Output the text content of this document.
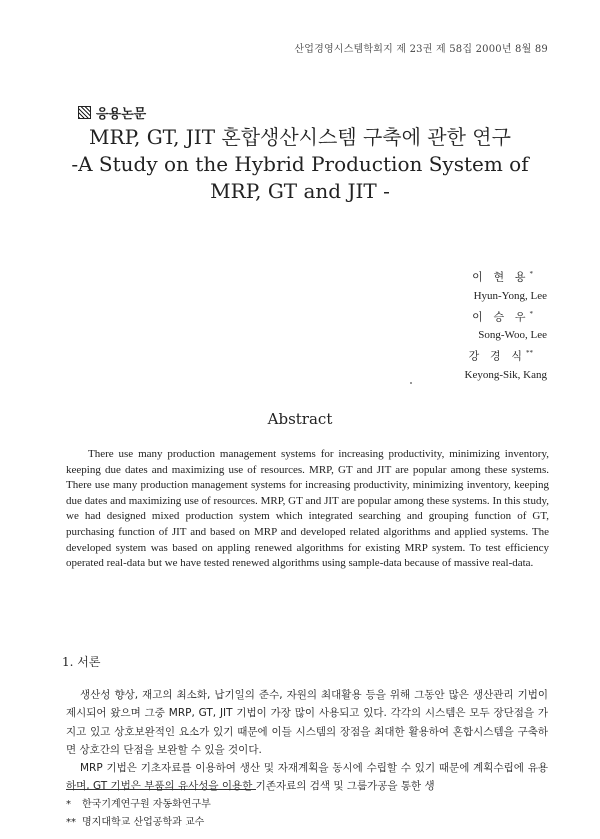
산업경영시스템학회지 제 23권 제 58집 2000년 8월 89
응용논문
MRP, GT, JIT 혼합생산시스템 구축에 관한 연구
-A Study on the Hybrid Production System of
MRP, GT and JIT -
이 현 용*
Hyun-Yong, Lee
이 승 우*
Song-Woo, Lee
강 경 식**
Keyong-Sik, Kang
Abstract
There use many production management systems for increasing productivity, minimizing inventory, keeping due dates and maximizing use of resources. MRP, GT and JIT are popular among these systems. There use many production management systems for increasing productivity, minimizing inventory, keeping due dates and maximizing use of resources. MRP, GT and JIT are popular among these systems. In this study, we had designed mixed production system which integrated searching and grouping function of GT, purchasing function of JIT and based on MRP and developed related algorithms and applied systems. The developed system was based on appling renewed algorithms for existing MRP system. To test efficiency operated real-data but we have tested renewed algorithms using sample-data because of massive real-data.
1. 서론

생산성 향상, 재고의 최소화, 납기일의 준수, 자원의 최대활용 등을 위해 그동안 많은 생산관리 기법이 제시되어 왔으며 그중 MRP, GT, JIT 기법이 가장 많이 사용되고 있다. 각각의 시스템은 모두 장단점을 가지고 있고 상호보완적인 요소가 있기 때문에 이들 시스템의 장점을 최대한 활용하여 혼합시스템을 구축하면 상호간의 단점을 보완할 수 있을 것이다.

MRP 기법은 기초자료를 이용하여 생산 및 자재계획을 동시에 수립할 수 있기 때문에 계획수립에 유용하며, GT 기법은 부품의 유사성을 이용한 기존자료의 검색 및 그룹가공을 통한 생

* 한국기계연구원 자동화연구부
** 명지대학교 산업공학과 교수
